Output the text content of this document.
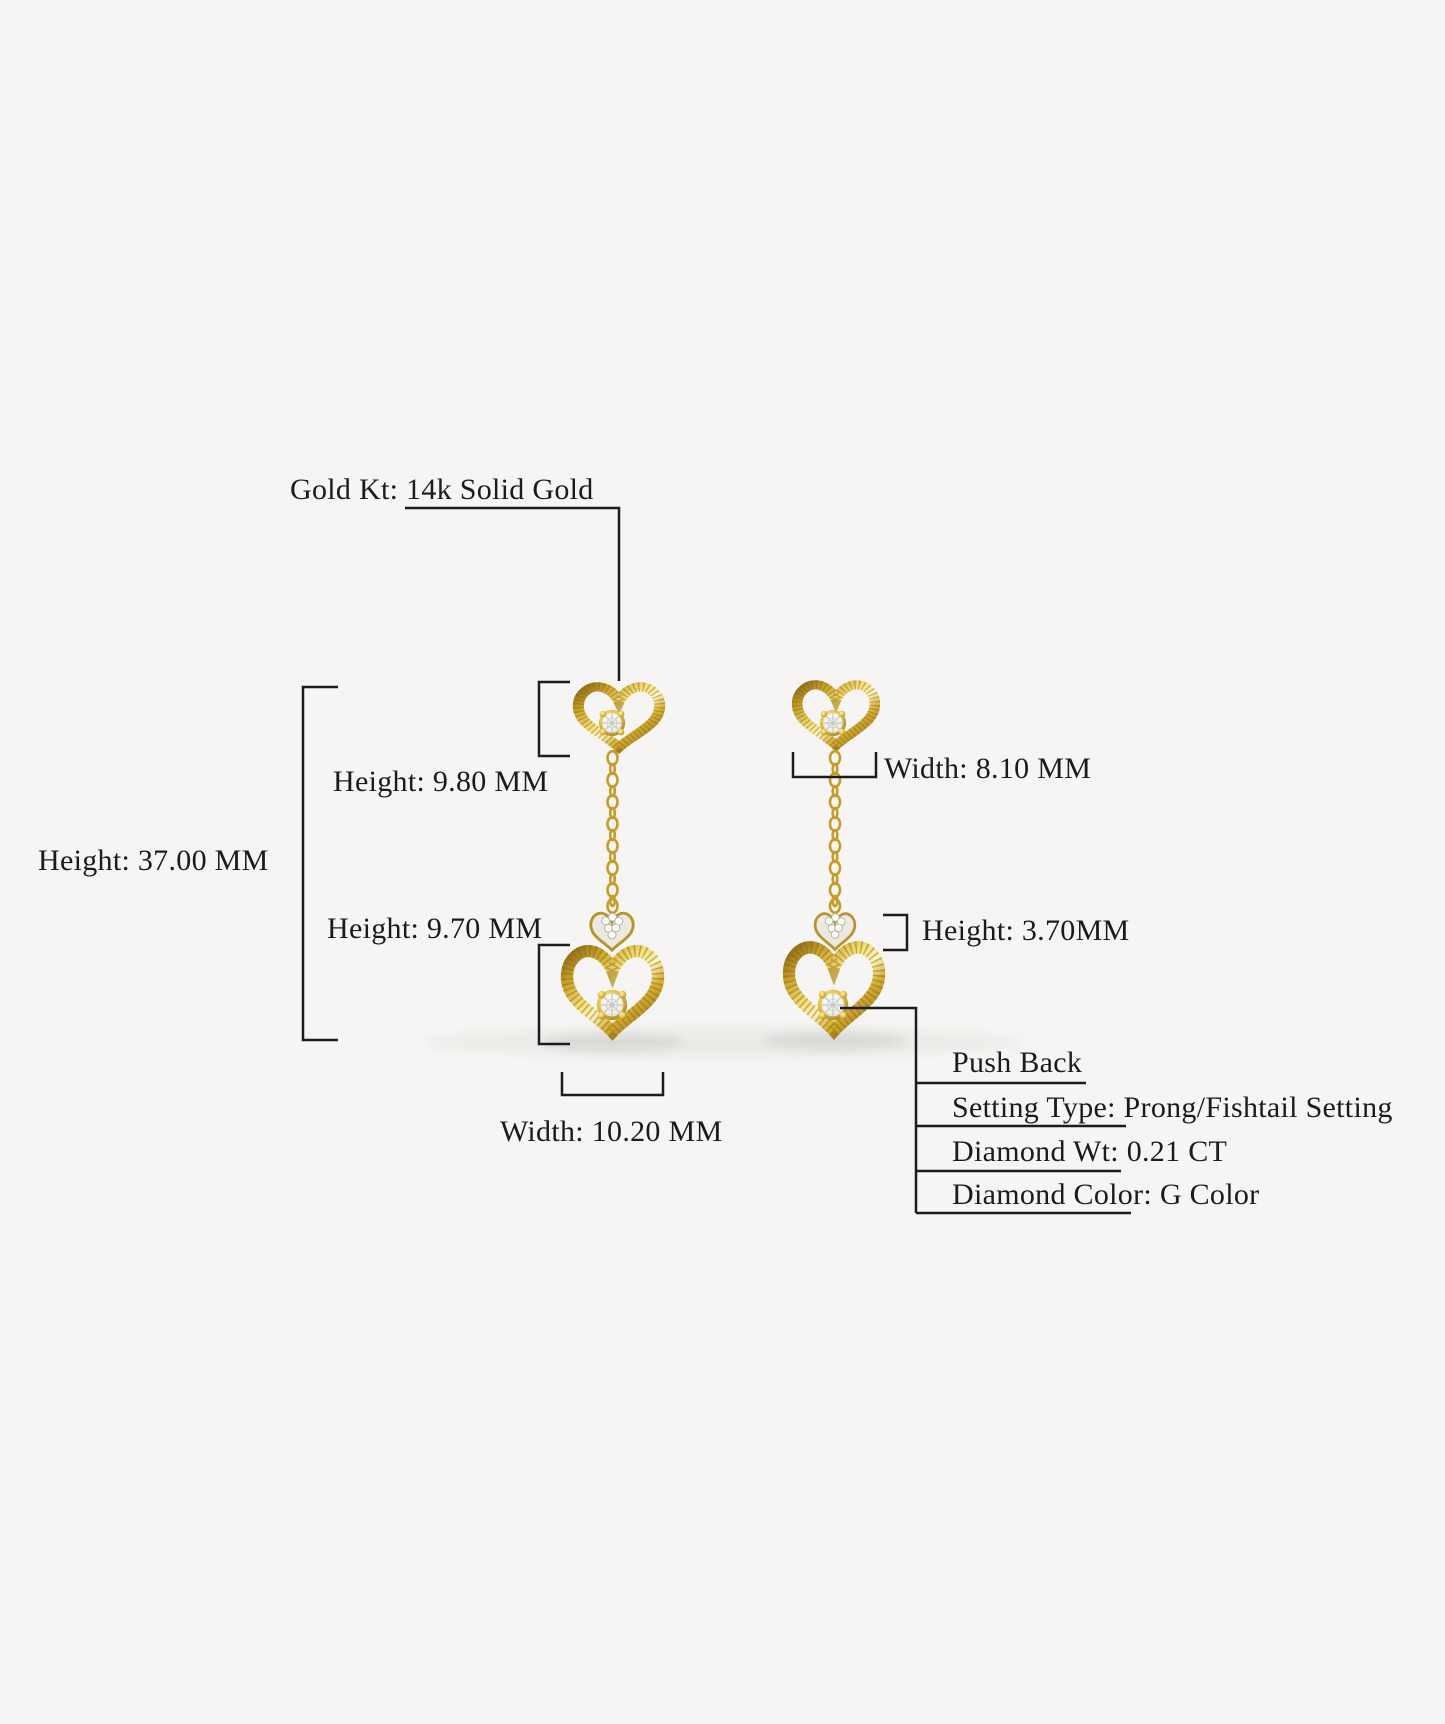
Gold Kt: 14k Solid Gold
Height: 37.00 MM
Height: 9.80 MM
Height: 9.70 MM
Width: 8.10 MM
Height: 3.70MM
Width: 10.20 MM
Push Back
Setting Type: Prong/Fishtail Setting
Diamond Wt: 0.21 CT
Diamond Color: G Color
